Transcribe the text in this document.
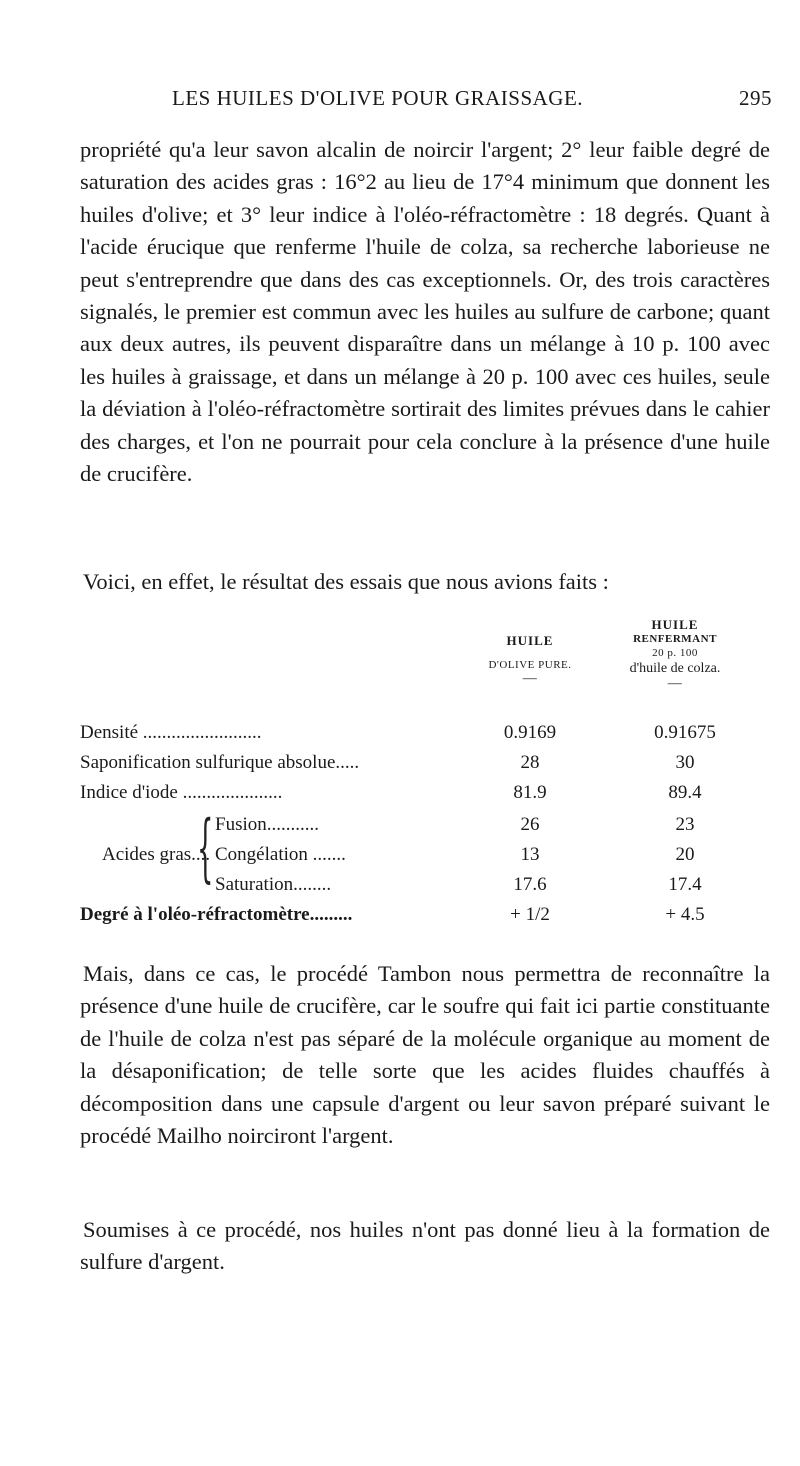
LES HUILES D'OLIVE POUR GRAISSAGE.	295
propriété qu'a leur savon alcalin de noircir l'argent; 2° leur faible degré de saturation des acides gras : 16°2 au lieu de 17°4 minimum que donnent les huiles d'olive; et 3° leur indice à l'oléo-réfractomètre : 18 degrés. Quant à l'acide érucique que renferme l'huile de colza, sa recherche laborieuse ne peut s'entreprendre que dans des cas exceptionnels. Or, des trois caractères signalés, le premier est commun avec les huiles au sulfure de carbone; quant aux deux autres, ils peuvent disparaître dans un mélange à 10 p. 100 avec les huiles à graissage, et dans un mélange à 20 p. 100 avec ces huiles, seule la déviation à l'oléo-réfractomètre sortirait des limites prévues dans le cahier des charges, et l'on ne pourrait pour cela conclure à la présence d'une huile de crucifère.
Voici, en effet, le résultat des essais que nous avions faits :
HUILE
D'OLIVE PURE.
—
HUILE
RENFERMANT
20 p. 100
d'huile de colza.
—
Densité .........................	0.9169	0.91675
Saponification sulfurique absolue.....	28	30
Indice d'iode .....................	81.9	89.4
Acides gras....
{ Fusion...........	26	23
Congélation .......	13	20
Saturation........	17.6	17.4
Degré à l'oléo-réfractomètre.........	+ 1/2	+ 4.5
Mais, dans ce cas, le procédé Tambon nous permettra de reconnaître la présence d'une huile de crucifère, car le soufre qui fait ici partie constituante de l'huile de colza n'est pas séparé de la molécule organique au moment de la désaponification; de telle sorte que les acides fluides chauffés à décomposition dans une capsule d'argent ou leur savon préparé suivant le procédé Mailho noirciront l'argent.
Soumises à ce procédé, nos huiles n'ont pas donné lieu à la formation de sulfure d'argent.
